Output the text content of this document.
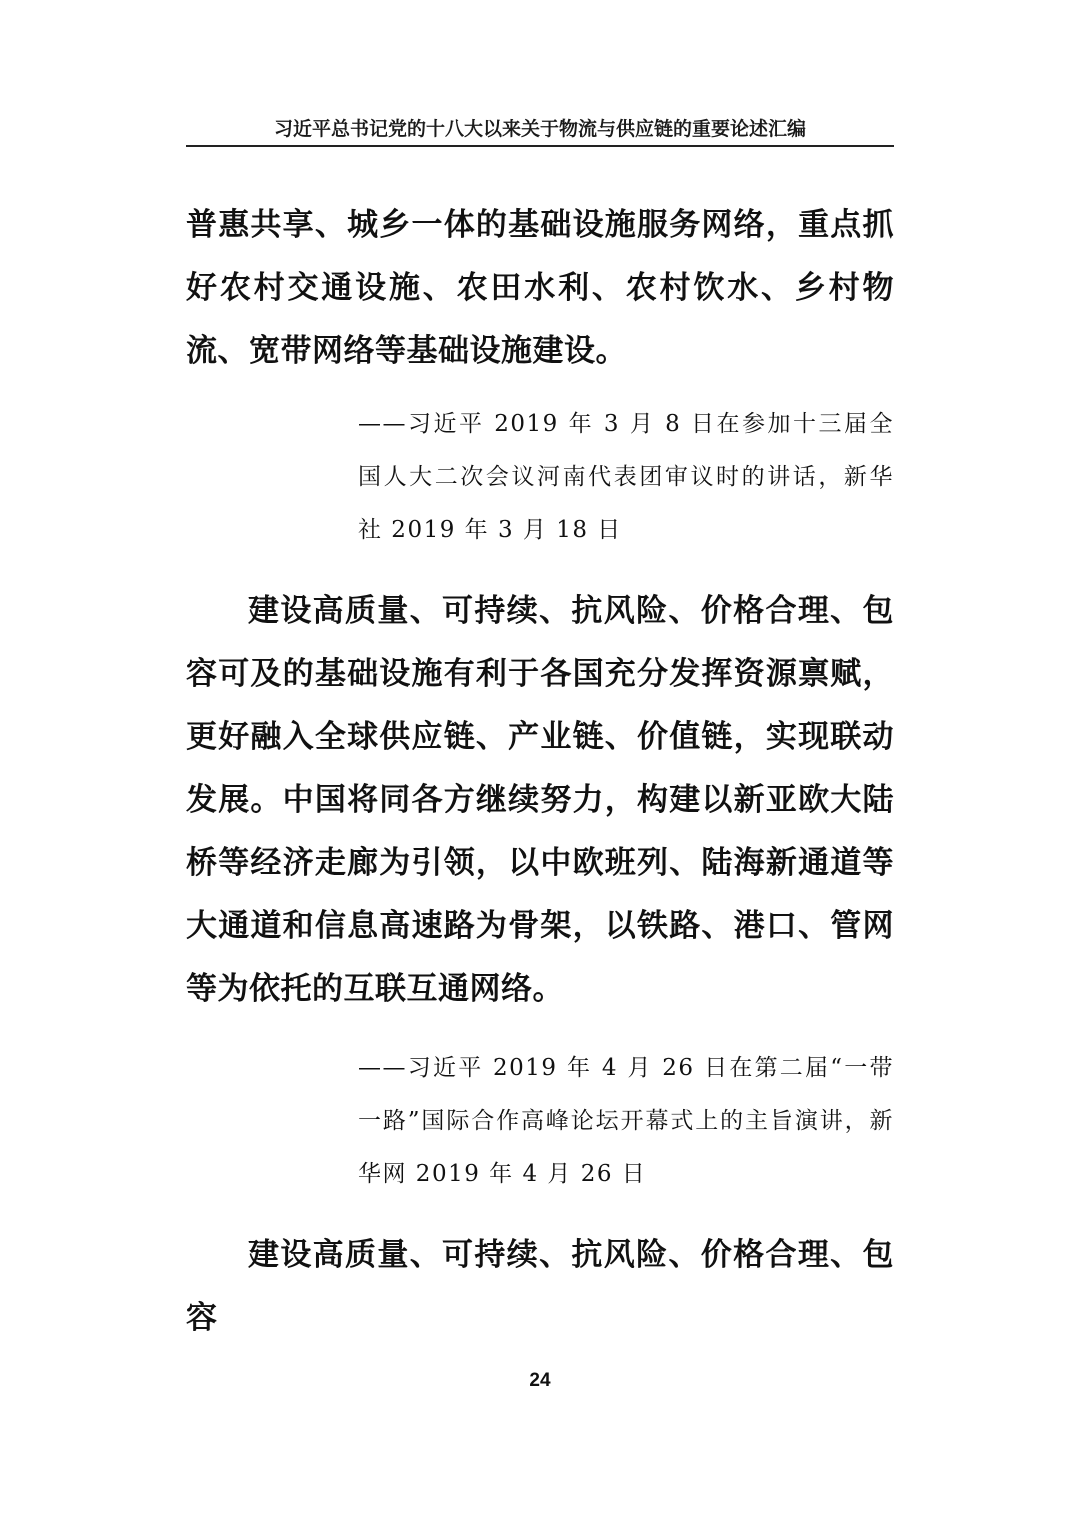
习近平总书记党的十八大以来关于物流与供应链的重要论述汇编

普惠共享、城乡一体的基础设施服务网络，重点抓好农村交通设施、农田水利、农村饮水、乡村物流、宽带网络等基础设施建设。

——习近平 2019 年 3 月 8 日在参加十三届全国人大二次会议河南代表团审议时的讲话，新华社 2019 年 3 月 18 日

建设高质量、可持续、抗风险、价格合理、包容可及的基础设施有利于各国充分发挥资源禀赋，更好融入全球供应链、产业链、价值链，实现联动发展。中国将同各方继续努力，构建以新亚欧大陆桥等经济走廊为引领，以中欧班列、陆海新通道等大通道和信息高速路为骨架，以铁路、港口、管网等为依托的互联互通网络。

——习近平 2019 年 4 月 26 日在第二届“一带一路”国际合作高峰论坛开幕式上的主旨演讲，新华网 2019 年 4 月 26 日

建设高质量、可持续、抗风险、价格合理、包容

24
